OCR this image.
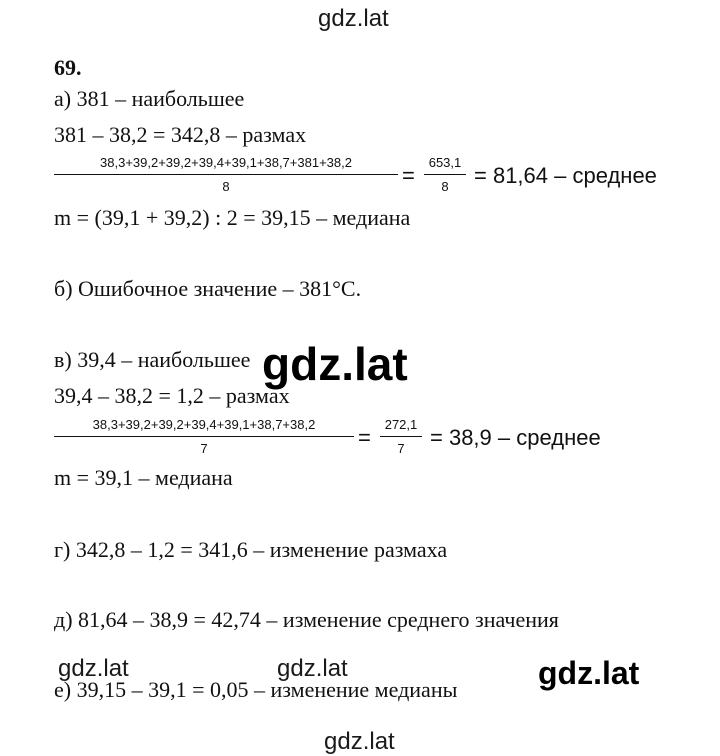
gdz.lat
69.
а) 381 – наибольшее
381 – 38,2 = 342,8 – размах
38,3+39,2+39,2+39,4+39,1+38,7+381+38,2
8	=
653,1
8	= 81,64 – среднее
m = (39,1 + 39,2) : 2 = 39,15 – медиана
б) Ошибочное значение – 381°С.
в) 39,4 – наибольшее
39,4 – 38,2 = 1,2 – размах
38,3+39,2+39,2+39,4+39,1+38,7+38,2
7	=
272,1
7	= 38,9 – среднее
m = 39,1 – медиана
gdz.lat
г) 342,8 – 1,2 = 341,6 – изменение размаха
д) 81,64 – 38,9 = 42,74 – изменение среднего значения
е) 39,15 – 39,1 = 0,05 – изменение медианы
gdz.lat	gdz.lat	gdz.lat
gdz.lat
